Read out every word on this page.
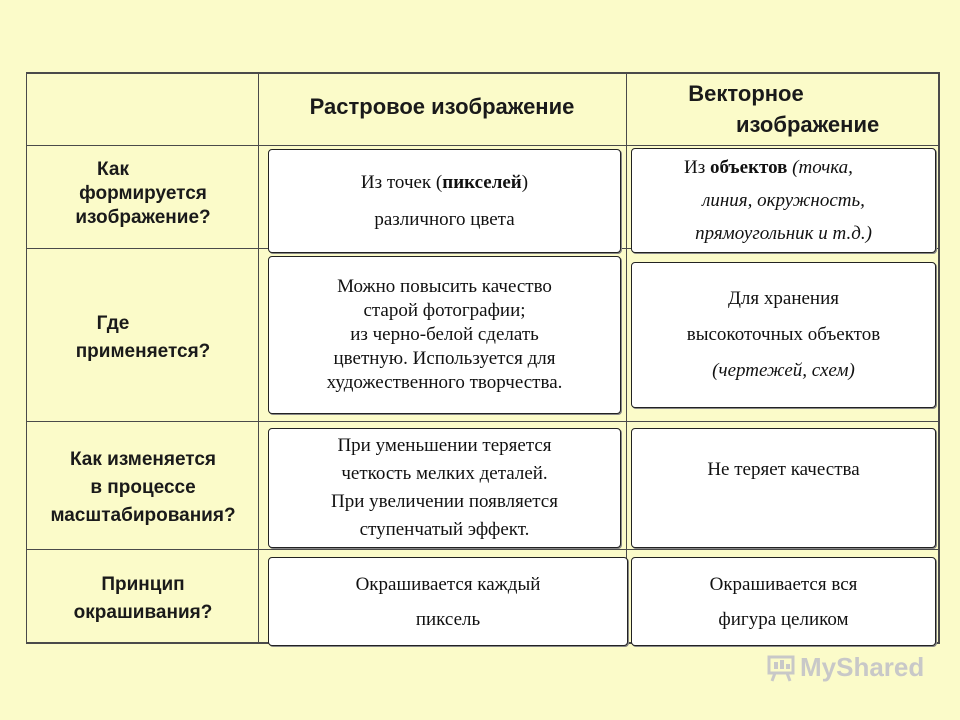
Растровое изображение
Векторное
изображение
Как
формируется
изображение?
Где
применяется?
Как изменяется
в процессе
масштабирования?
Принцип
окрашивания?
Из точек (пикселей)
различного цвета
Из объектов (точка,
линия, окружность,
прямоугольник и т.д.)
Можно повысить качество
старой фотографии;
из черно-белой сделать
цветную. Используется для
художественного творчества.
Для хранения
высокоточных объектов
(чертежей, схем)
При уменьшении теряется
четкость мелких деталей.
При увеличении появляется
ступенчатый эффект.
Не теряет качества
Окрашивается каждый
пиксель
Окрашивается вся
фигура целиком
MyShared
